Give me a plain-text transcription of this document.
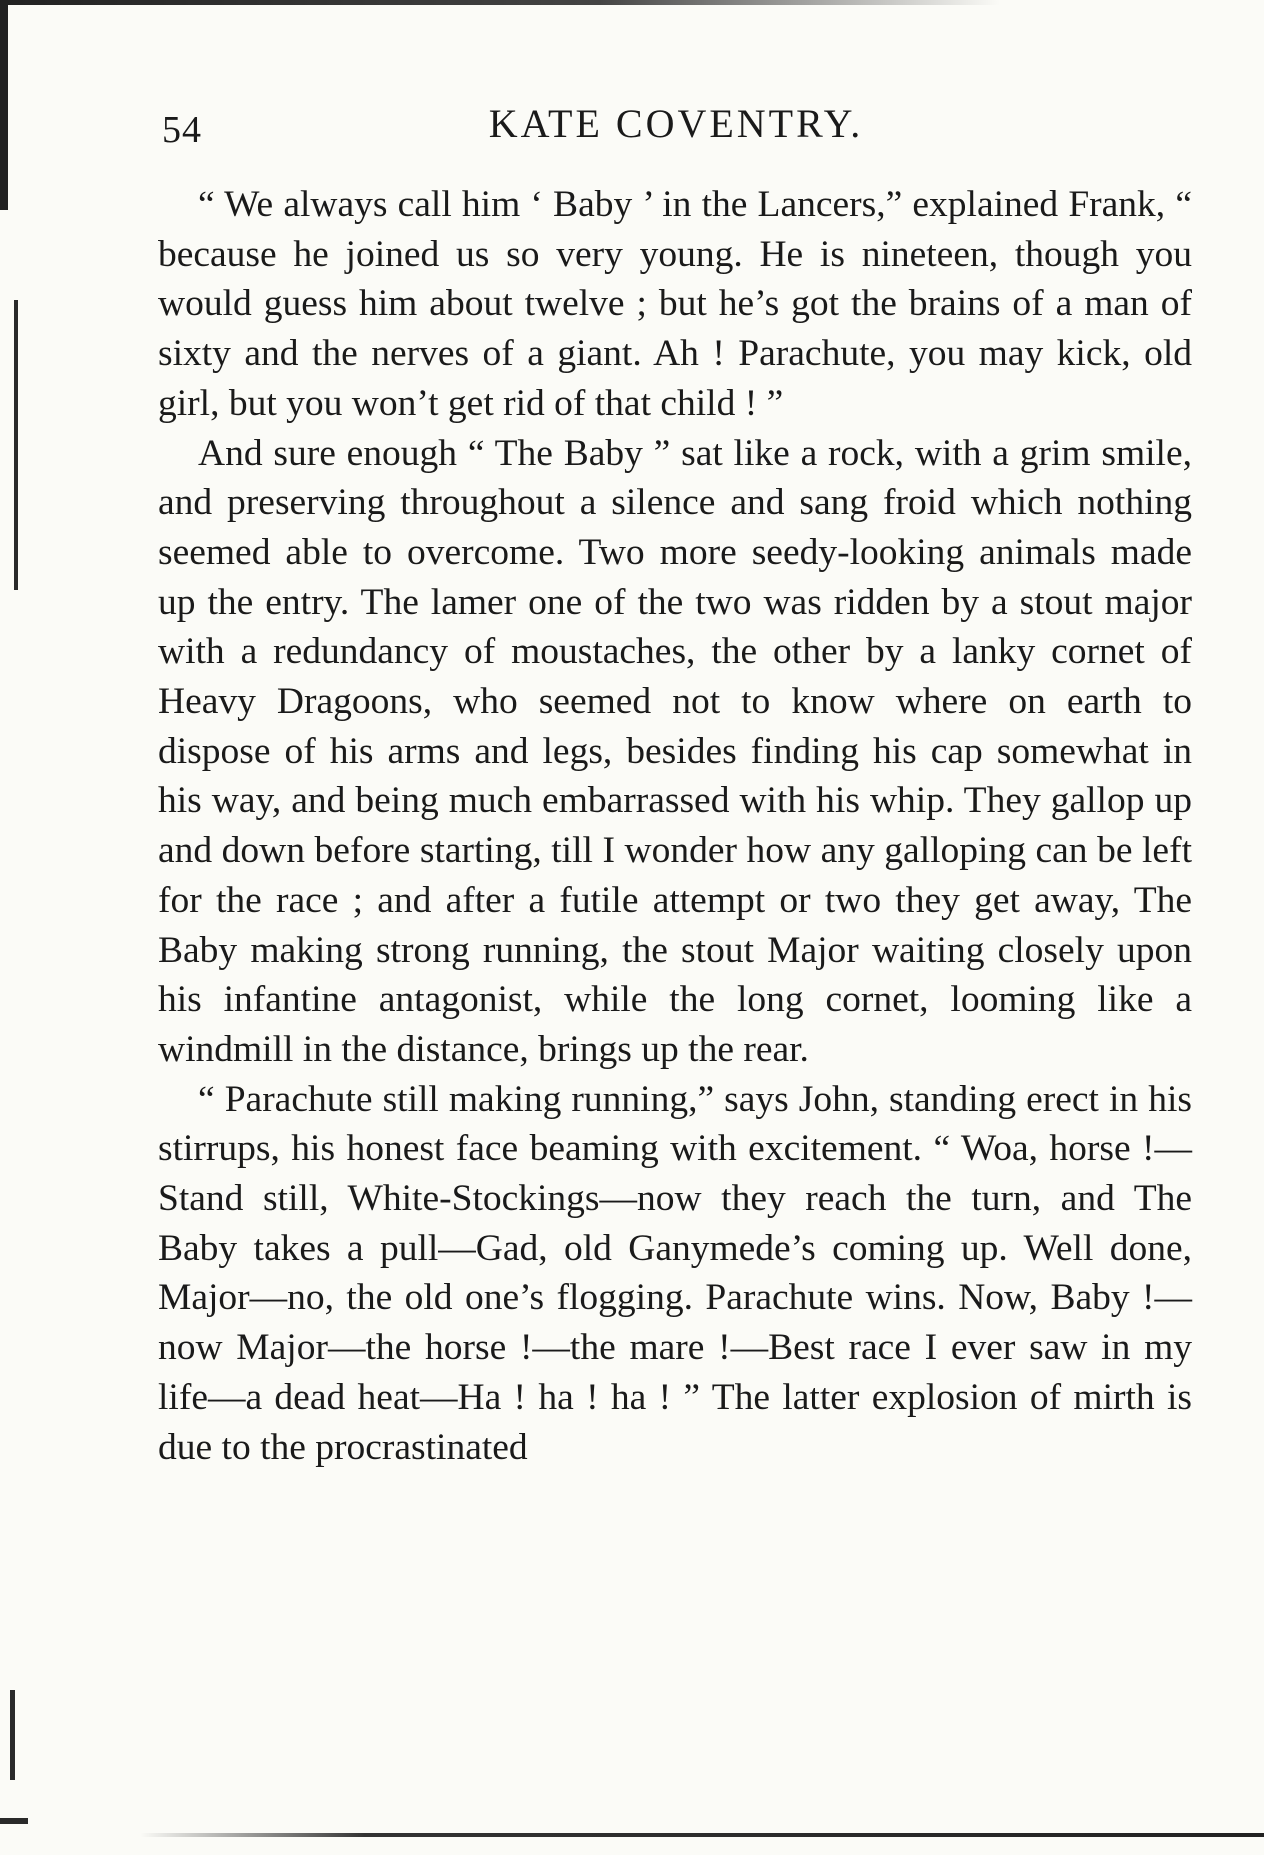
54	KATE COVENTRY.

“ We always call him ‘ Baby ’ in the Lancers,” explained Frank, “ because he joined us so very young. He is nineteen, though you would guess him about twelve ; but he’s got the brains of a man of sixty and the nerves of a giant. Ah ! Parachute, you may kick, old girl, but you won’t get rid of that child ! ”

And sure enough “ The Baby ” sat like a rock, with a grim smile, and preserving throughout a silence and sang froid which nothing seemed able to overcome. Two more seedy-looking animals made up the entry. The lamer one of the two was ridden by a stout major with a redundancy of moustaches, the other by a lanky cornet of Heavy Dragoons, who seemed not to know where on earth to dispose of his arms and legs, besides finding his cap somewhat in his way, and being much embarrassed with his whip. They gallop up and down before starting, till I wonder how any galloping can be left for the race ; and after a futile attempt or two they get away, The Baby making strong running, the stout Major waiting closely upon his infantine antagonist, while the long cornet, looming like a windmill in the distance, brings up the rear.

“ Parachute still making running,” says John, standing erect in his stirrups, his honest face beaming with excitement. “ Woa, horse !—Stand still, White-Stockings—now they reach the turn, and The Baby takes a pull—Gad, old Ganymede’s coming up. Well done, Major—no, the old one’s flogging. Parachute wins. Now, Baby !—now Major—the horse !—the mare !—Best race I ever saw in my life—a dead heat—Ha ! ha ! ha ! ” The latter explosion of mirth is due to the procrastinated
